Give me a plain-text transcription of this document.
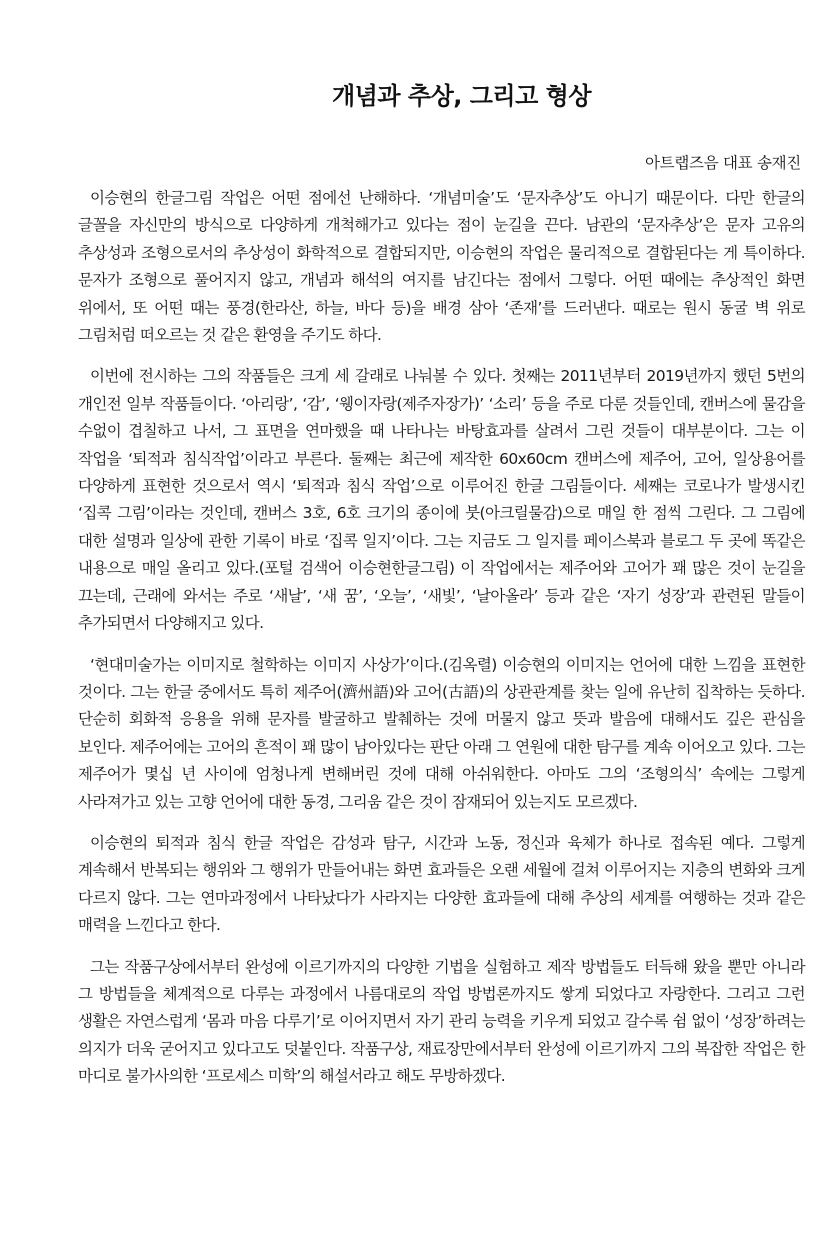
개념과 추상, 그리고 형상
아트랩즈음 대표 송재진

이승현의 한글그림 작업은 어떤 점에선 난해하다. ‘개념미술’도 ‘문자추상’도 아니기 때문이다. 다만 한글의 글꼴을 자신만의 방식으로 다양하게 개척해가고 있다는 점이 눈길을 끈다. 남관의 ‘문자추상’은 문자 고유의 추상성과 조형으로서의 추상성이 화학적으로 결합되지만, 이승현의 작업은 물리적으로 결합된다는 게 특이하다. 문자가 조형으로 풀어지지 않고, 개념과 해석의 여지를 남긴다는 점에서 그렇다. 어떤 때에는 추상적인 화면 위에서, 또 어떤 때는 풍경(한라산, 하늘, 바다 등)을 배경 삼아 ‘존재’를 드러낸다. 때로는 원시 동굴 벽 위로 그림처럼 떠오르는 것 같은 환영을 주기도 하다.

이번에 전시하는 그의 작품들은 크게 세 갈래로 나눠볼 수 있다. 첫째는 2011년부터 2019년까지 했던 5번의 개인전 일부 작품들이다. ‘아리랑’, ‘감’, ‘웽이자랑(제주자장가)’ ‘소리’ 등을 주로 다룬 것들인데, 캔버스에 물감을 수없이 겹칠하고 나서, 그 표면을 연마했을 때 나타나는 바탕효과를 살려서 그린 것들이 대부분이다. 그는 이 작업을 ‘퇴적과 침식작업’이라고 부른다. 둘째는 최근에 제작한 60x60cm 캔버스에 제주어, 고어, 일상용어를 다양하게 표현한 것으로서 역시 ‘퇴적과 침식 작업’으로 이루어진 한글 그림들이다. 세째는 코로나가 발생시킨 ‘집콕 그림’이라는 것인데, 캔버스 3호, 6호 크기의 종이에 붓(아크릴물감)으로 매일 한 점씩 그린다. 그 그림에 대한 설명과 일상에 관한 기록이 바로 ‘집콕 일지’이다. 그는 지금도 그 일지를 페이스북과 블로그 두 곳에 똑같은 내용으로 매일 올리고 있다.(포털 검색어 이승현한글그림) 이 작업에서는 제주어와 고어가 꽤 많은 것이 눈길을 끄는데, 근래에 와서는 주로 ‘새날’, ‘새 꿈’, ‘오늘’, ‘새빛’, ‘날아올라’ 등과 같은 ‘자기 성장’과 관련된 말들이 추가되면서 다양해지고 있다.

‘현대미술가는 이미지로 철학하는 이미지 사상가’이다.(김옥렬) 이승현의 이미지는 언어에 대한 느낌을 표현한 것이다. 그는 한글 중에서도 특히 제주어(濟州語)와 고어(古語)의 상관관계를 찾는 일에 유난히 집착하는 듯하다. 단순히 회화적 응용을 위해 문자를 발굴하고 발췌하는 것에 머물지 않고 뜻과 발음에 대해서도 깊은 관심을 보인다. 제주어에는 고어의 흔적이 꽤 많이 남아있다는 판단 아래 그 연원에 대한 탐구를 계속 이어오고 있다. 그는 제주어가 몇십 년 사이에 엄청나게 변해버린 것에 대해 아쉬워한다. 아마도 그의 ‘조형의식’ 속에는 그렇게 사라져가고 있는 고향 언어에 대한 동경, 그리움 같은 것이 잠재되어 있는지도 모르겠다.

이승현의 퇴적과 침식 한글 작업은 감성과 탐구, 시간과 노동, 정신과 육체가 하나로 접속된 예다. 그렇게 계속해서 반복되는 행위와 그 행위가 만들어내는 화면 효과들은 오랜 세월에 걸쳐 이루어지는 지층의 변화와 크게 다르지 않다. 그는 연마과정에서 나타났다가 사라지는 다양한 효과들에 대해 추상의 세계를 여행하는 것과 같은 매력을 느낀다고 한다.

그는 작품구상에서부터 완성에 이르기까지의 다양한 기법을 실험하고 제작 방법들도 터득해 왔을 뿐만 아니라 그 방법들을 체계적으로 다루는 과정에서 나름대로의 작업 방법론까지도 쌓게 되었다고 자랑한다. 그리고 그런 생활은 자연스럽게 ‘몸과 마음 다루기’로 이어지면서 자기 관리 능력을 키우게 되었고 갈수록 쉼 없이 ‘성장’하려는 의지가 더욱 굳어지고 있다고도 덧붙인다. 작품구상, 재료장만에서부터 완성에 이르기까지 그의 복잡한 작업은 한 마디로 불가사의한 ‘프로세스 미학’의 해설서라고 해도 무방하겠다.
